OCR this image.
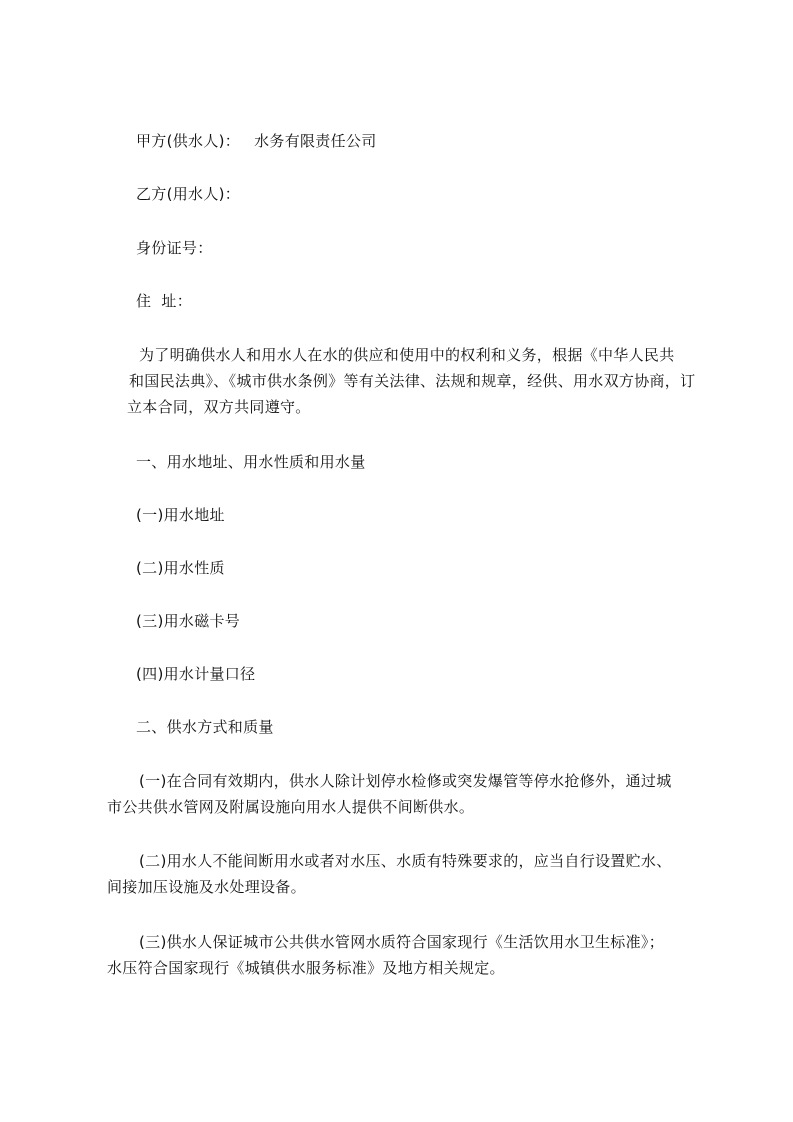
甲方(供水人)： 水务有限责任公司
乙方(用水人)：
身份证号：
住  址：
为了明确供水人和用水人在水的供应和使用中的权利和义务，根据《中华人民共
和国民法典》、《城市供水条例》等有关法律、法规和规章，经供、用水双方协商，订
立本合同，双方共同遵守。
一、用水地址、用水性质和用水量
(一)用水地址
(二)用水性质
(三)用水磁卡号
(四)用水计量口径
二、供水方式和质量
(一)在合同有效期内，供水人除计划停水检修或突发爆管等停水抢修外，通过城
市公共供水管网及附属设施向用水人提供不间断供水。
(二)用水人不能间断用水或者对水压、水质有特殊要求的，应当自行设置贮水、
间接加压设施及水处理设备。
(三)供水人保证城市公共供水管网水质符合国家现行《生活饮用水卫生标准》；
水压符合国家现行《城镇供水服务标准》及地方相关规定。
